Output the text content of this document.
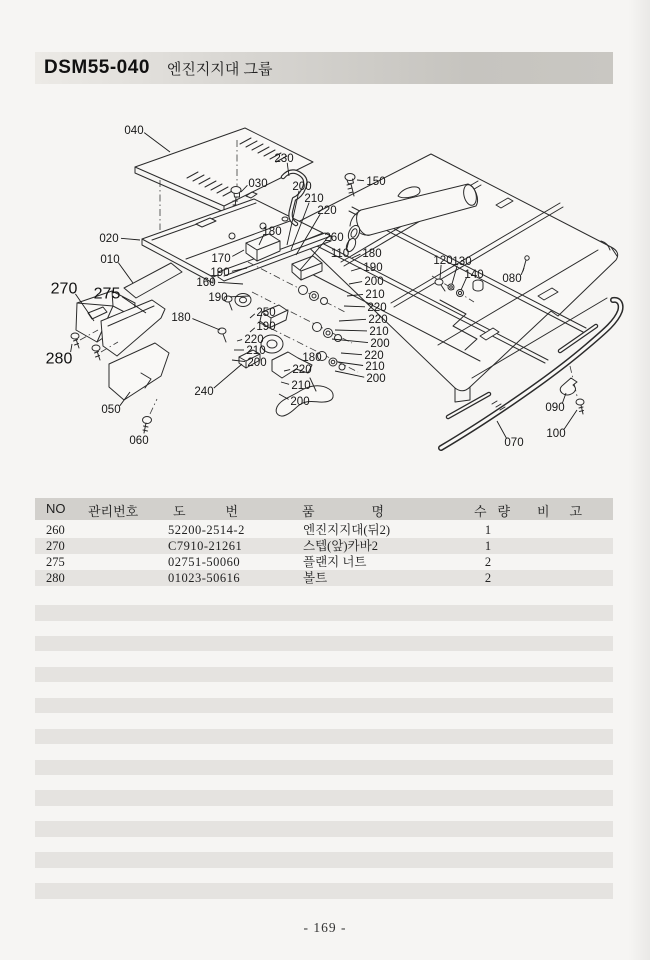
DSM55-040 엔진지지대 그룹
040
030
230
150
200
210
220
260
110
180
020
010	170
190
160
190
250
190
220
210
200
180
180
190
200
210
220
220
210
200
220
210
200
180
220
210
200
240
050
060
120 130
140 080
090
100
070
270 275
280
NO 관리번호	도번 품명	수량 비고
260	52200-2514-2	엔진지지대(뒤2)	1
270	C7910-21261	스텝(앞)카바2	1
275	02751-50060	플랜지 너트	2
280	01023-50616	볼트	2
- 169 -
